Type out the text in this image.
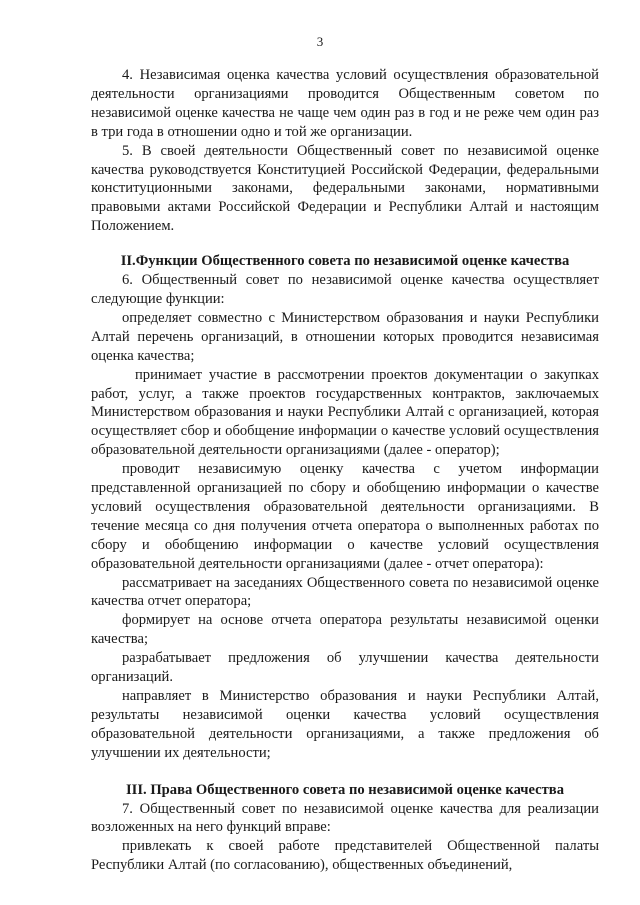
3

4. Независимая оценка качества условий осуществления образовательной деятельности организациями проводится Общественным советом по независимой оценке качества не чаще чем один раз в год и не реже чем один раз в три года в отношении одно и той же организации.

5. В своей деятельности Общественный совет по независимой оценке качества руководствуется Конституцией Российской Федерации, федеральными конституционными законами, федеральными законами, нормативными правовыми актами Российской Федерации и Республики Алтай и настоящим Положением.

II.Функции Общественного совета по независимой оценке качества

6. Общественный совет по независимой оценке качества осуществляет следующие функции:

определяет совместно с Министерством образования и науки Республики Алтай перечень организаций, в отношении которых проводится независимая оценка качества;

принимает участие в рассмотрении проектов документации о закупках работ, услуг, а также проектов государственных контрактов, заключаемых Министерством образования и науки Республики Алтай с организацией, которая осуществляет сбор и обобщение информации о качестве условий осуществления образовательной деятельности организациями (далее - оператор);

проводит независимую оценку качества с учетом информации представленной организацией по сбору и обобщению информации о качестве условий осуществления образовательной деятельности организациями. В течение месяца со дня получения отчета оператора о выполненных работах по сбору и обобщению информации о качестве условий осуществления образовательной деятельности организациями (далее - отчет оператора):

рассматривает на заседаниях Общественного совета по независимой оценке качества отчет оператора;

формирует на основе отчета оператора результаты независимой оценки качества;

разрабатывает предложения об улучшении качества деятельности организаций.

направляет в Министерство образования и науки Республики Алтай, результаты независимой оценки качества условий осуществления образовательной деятельности организациями, а также предложения об улучшении их деятельности;

III. Права Общественного совета по независимой оценке качества

7. Общественный совет по независимой оценке качества для реализации возложенных на него функций вправе:

привлекать к своей работе представителей Общественной палаты Республики Алтай (по согласованию), общественных объединений,
